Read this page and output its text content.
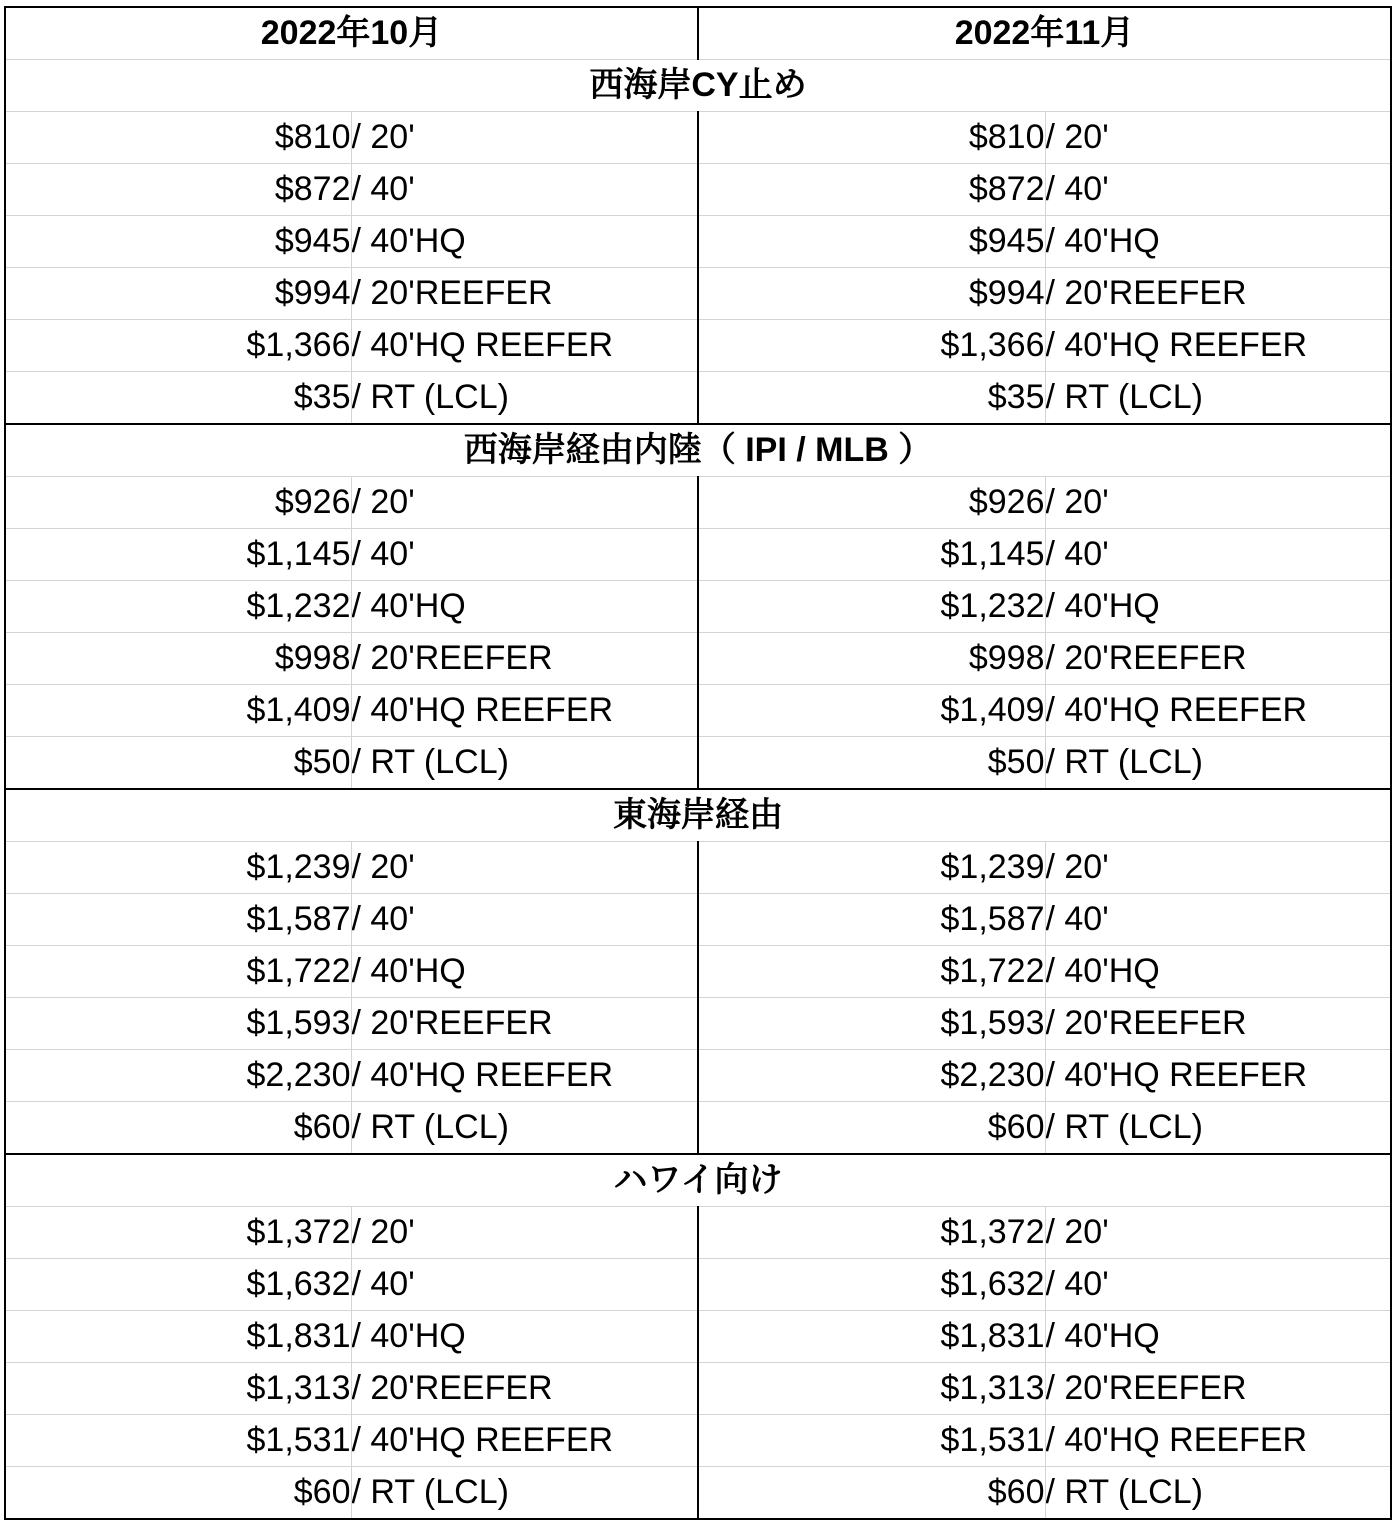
2022年10月		2022年11月	
西海岸CY止め			
$810	/ 20'	$810	/ 20'
$872	/ 40'	$872	/ 40'
$945	/ 40'HQ	$945	/ 40'HQ
$994	/ 20'REEFER	$994	/ 20'REEFER
$1,366	/ 40'HQ REEFER	$1,366	/ 40'HQ REEFER
$35	/ RT (LCL)	$35	/ RT (LCL)
西海岸経由内陸（ IPI / MLB ）			
$926	/ 20'	$926	/ 20'
$1,145	/ 40'	$1,145	/ 40'
$1,232	/ 40'HQ	$1,232	/ 40'HQ
$998	/ 20'REEFER	$998	/ 20'REEFER
$1,409	/ 40'HQ REEFER	$1,409	/ 40'HQ REEFER
$50	/ RT (LCL)	$50	/ RT (LCL)
東海岸経由			
$1,239	/ 20'	$1,239	/ 20'
$1,587	/ 40'	$1,587	/ 40'
$1,722	/ 40'HQ	$1,722	/ 40'HQ
$1,593	/ 20'REEFER	$1,593	/ 20'REEFER
$2,230	/ 40'HQ REEFER	$2,230	/ 40'HQ REEFER
$60	/ RT (LCL)	$60	/ RT (LCL)
ハワイ向け			
$1,372	/ 20'	$1,372	/ 20'
$1,632	/ 40'	$1,632	/ 40'
$1,831	/ 40'HQ	$1,831	/ 40'HQ
$1,313	/ 20'REEFER	$1,313	/ 20'REEFER
$1,531	/ 40'HQ REEFER	$1,531	/ 40'HQ REEFER
$60	/ RT (LCL)	$60	/ RT (LCL)
